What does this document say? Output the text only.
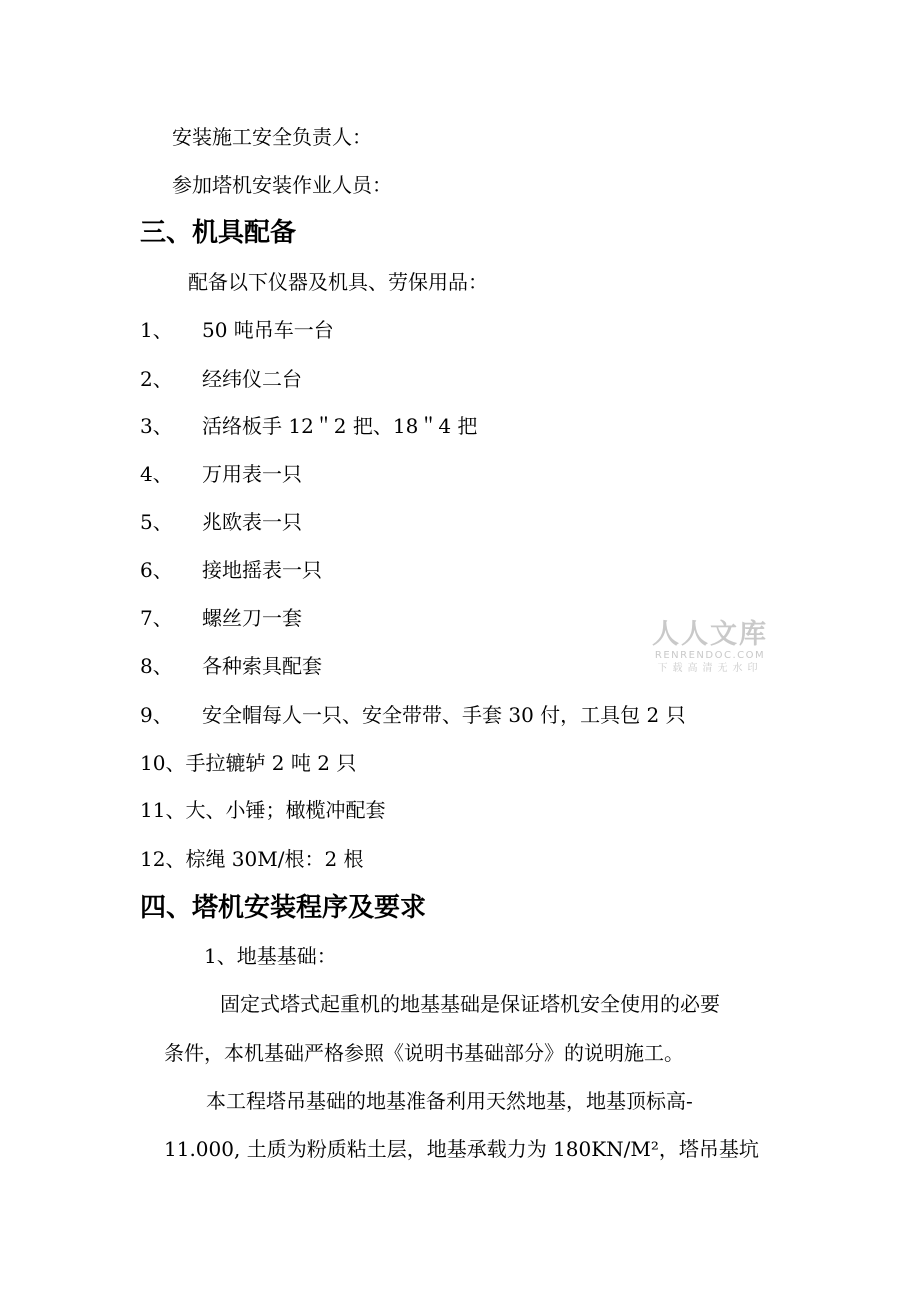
安装施工安全负责人：
参加塔机安装作业人员：
三、机具配备
配备以下仪器及机具、劳保用品：
1、 50 吨吊车一台
2、 经纬仪二台
3、 活络板手 12＂2 把、18＂4 把
4、 万用表一只
5、 兆欧表一只
6、 接地摇表一只
7、 螺丝刀一套
8、 各种索具配套
9、 安全帽每人一只、安全带带、手套 30 付，工具包 2 只
10、手拉辘轳 2 吨 2 只
11、大、小锤；橄榄冲配套
12、棕绳 30M/根：2 根
四、塔机安装程序及要求
1、地基基础：
固定式塔式起重机的地基基础是保证塔机安全使用的必要
条件，本机基础严格参照《说明书基础部分》的说明施工。
本工程塔吊基础的地基准备利用天然地基，地基顶标高-
11.000, 土质为粉质粘土层，地基承载力为 180KN/M²，塔吊基坑
人人文库
RENRENDOC.COM
下载高清无水印
